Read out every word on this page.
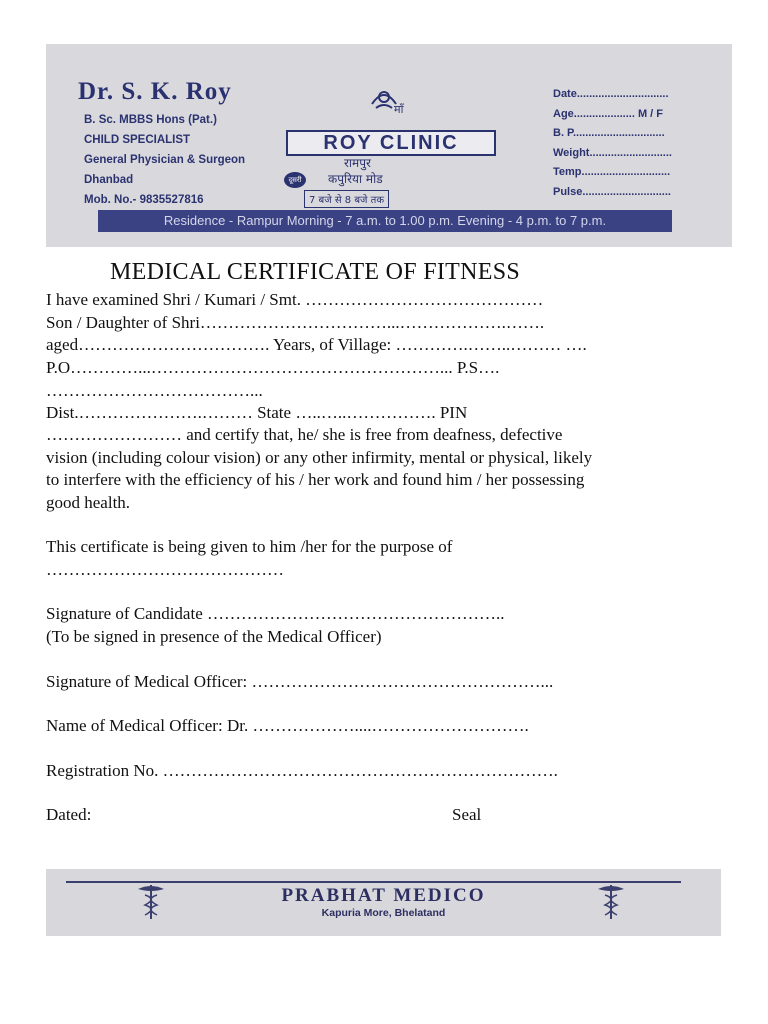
Dr. S. K. Roy
B. Sc. MBBS Hons (Pat.)
CHILD SPECIALIST
General Physician & Surgeon
Dhanbad
Mob. No.- 9835527816
माँ
ROY CLINIC
रामपुर
दूसरी	कपुरिया मोड
7 बजे से 8 बजे तक
Date..............................
Age.................... M / F
B. P..............................
Weight...........................
Temp.............................
Pulse.............................
Residence - Rampur Morning - 7 a.m. to 1.00 p.m. Evening - 4 p.m. to 7 p.m.
MEDICAL CERTIFICATE OF FITNESS
I have examined Shri / Kumari / Smt. ……………………………………
Son / Daughter of Shri……………………………...……………….…….
aged……………………………. Years, of Village: ………….……..……… ….
P.O…………...……………………………………………... P.S….
………………………………...
Dist.………………….……… State …..…..……………. PIN
…………………… and certify that, he/ she is free from deafness, defective
vision (including colour vision) or any other infirmity, mental or physical, likely
to interfere with the efficiency of his / her work and found him / her possessing
good health.
This certificate is being given to him /her for the purpose of
……………………………………
Signature of Candidate ……………………………………………..
(To be signed in presence of the Medical Officer)
Signature of Medical Officer: ……………………………………………...
Name of Medical Officer: Dr. ………………....……………………….
Registration No. …………………………………………………………….
Dated:	Seal
PRABHAT MEDICO
Kapuria More, Bhelatand
